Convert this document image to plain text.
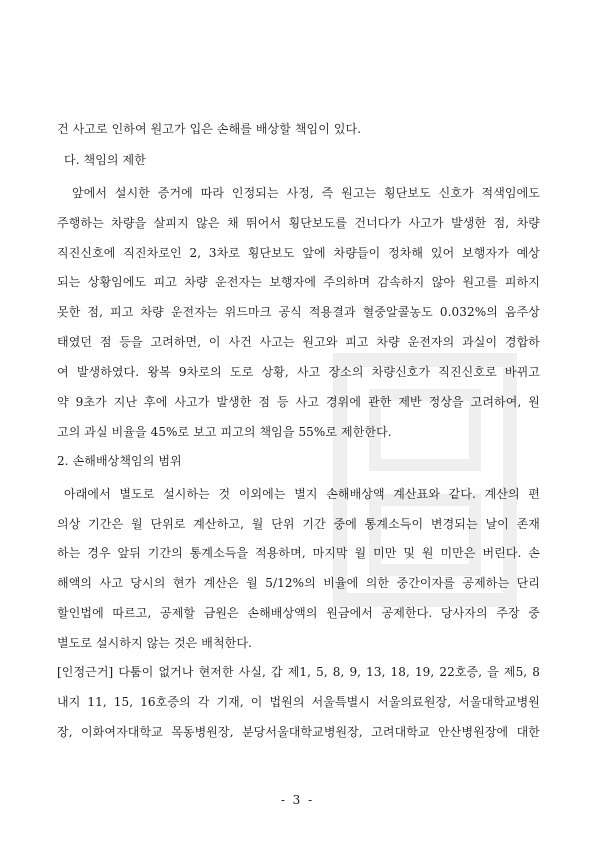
건 사고로 인하여 원고가 입은 손해를 배상할 책임이 있다.
다. 책임의 제한
앞에서 설시한 증거에 따라 인정되는 사정, 즉 원고는 횡단보도 신호가 적색임에도
주행하는 차량을 살피지 않은 채 뛰어서 횡단보도를 건너다가 사고가 발생한 점, 차량
직진신호에 직진차로인 2, 3차로 횡단보도 앞에 차량들이 정차해 있어 보행자가 예상
되는 상황임에도 피고 차량 운전자는 보행자에 주의하며 감속하지 않아 원고를 피하지
못한 점, 피고 차량 운전자는 위드마크 공식 적용결과 혈중알콜농도 0.032%의 음주상
태였던 점 등을 고려하면, 이 사건 사고는 원고와 피고 차량 운전자의 과실이 경합하
여 발생하였다. 왕복 9차로의 도로 상황, 사고 장소의 차량신호가 직진신호로 바뀌고
약 9초가 지난 후에 사고가 발생한 점 등 사고 경위에 관한 제반 정상을 고려하여, 원
고의 과실 비율을 45%로 보고 피고의 책임을 55%로 제한한다.
2. 손해배상책임의 범위
아래에서 별도로 설시하는 것 이외에는 별지 손해배상액 계산표와 같다. 계산의 편
의상 기간은 월 단위로 계산하고, 월 단위 기간 중에 통계소득이 변경되는 날이 존재
하는 경우 앞뒤 기간의 통계소득을 적용하며, 마지막 월 미만 및 원 미만은 버린다. 손
해액의 사고 당시의 현가 계산은 월 5/12%의 비율에 의한 중간이자를 공제하는 단리
할인법에 따르고, 공제할 금원은 손해배상액의 원금에서 공제한다. 당사자의 주장 중
별도로 설시하지 않는 것은 배척한다.
[인정근거] 다툼이 없거나 현저한 사실, 갑 제1, 5, 8, 9, 13, 18, 19, 22호증, 을 제5, 8
내지 11, 15, 16호증의 각 기재, 이 법원의 서울특별시 서울의료원장, 서울대학교병원
장, 이화여자대학교 목동병원장, 분당서울대학교병원장, 고려대학교 안산병원장에 대한
- 3 -
